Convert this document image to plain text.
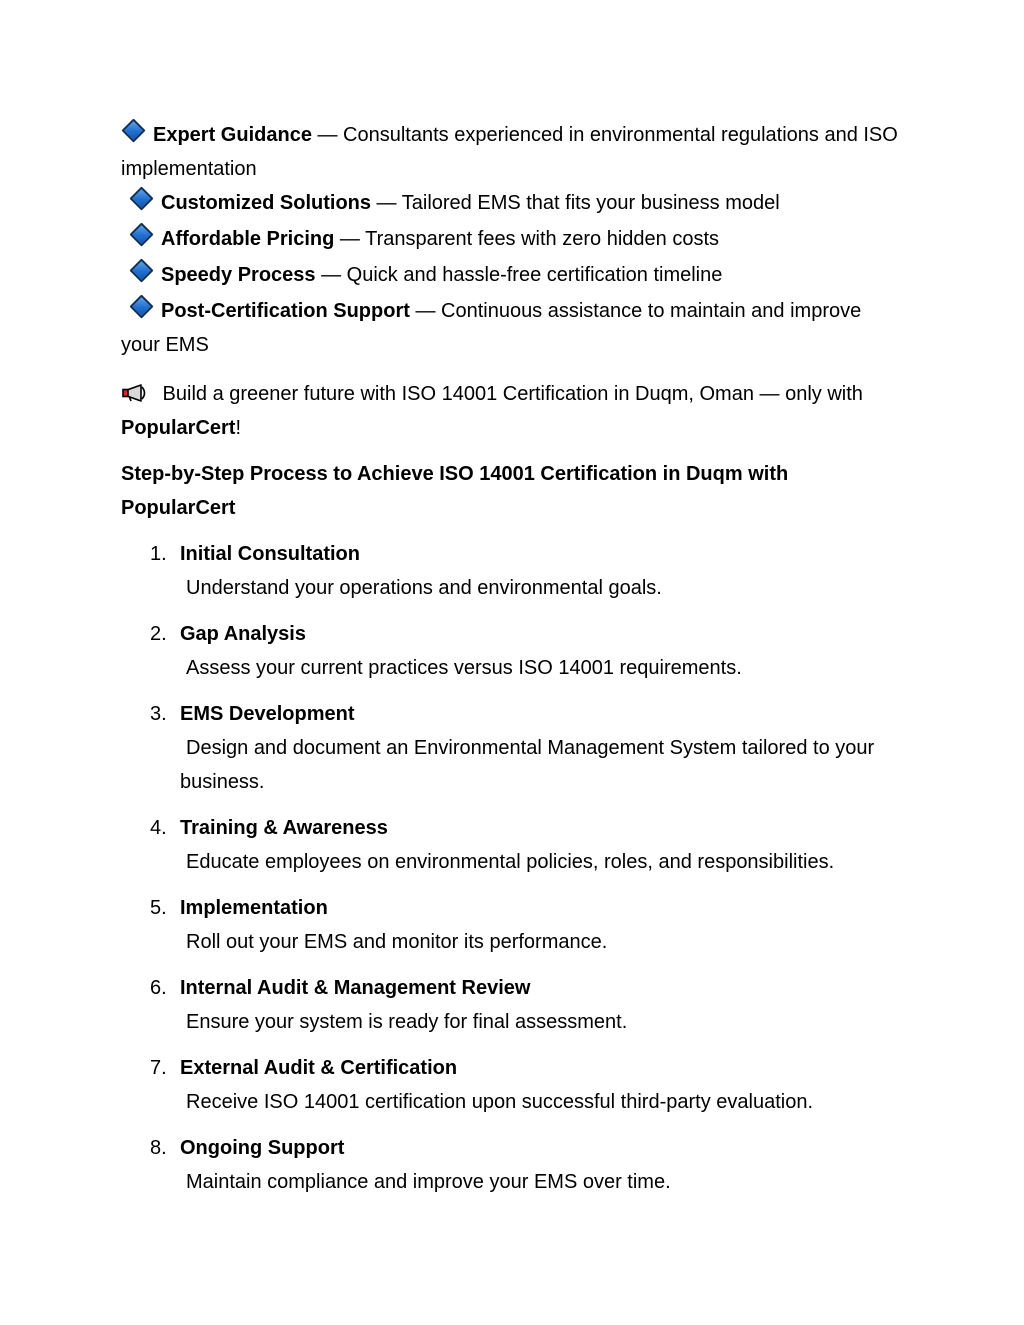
Expert Guidance — Consultants experienced in environmental regulations and ISO implementation

Customized Solutions — Tailored EMS that fits your business model

Affordable Pricing — Transparent fees with zero hidden costs

Speedy Process — Quick and hassle-free certification timeline

Post-Certification Support — Continuous assistance to maintain and improve your EMS

Build a greener future with ISO 14001 Certification in Duqm, Oman — only with PopularCert!

Step-by-Step Process to Achieve ISO 14001 Certification in Duqm with PopularCert

1. Initial Consultation
Understand your operations and environmental goals.
2. Gap Analysis
Assess your current practices versus ISO 14001 requirements.
3. EMS Development
Design and document an Environmental Management System tailored to your business.
4. Training & Awareness
Educate employees on environmental policies, roles, and responsibilities.
5. Implementation
Roll out your EMS and monitor its performance.
6. Internal Audit & Management Review
Ensure your system is ready for final assessment.
7. External Audit & Certification
Receive ISO 14001 certification upon successful third-party evaluation.
8. Ongoing Support
Maintain compliance and improve your EMS over time.
